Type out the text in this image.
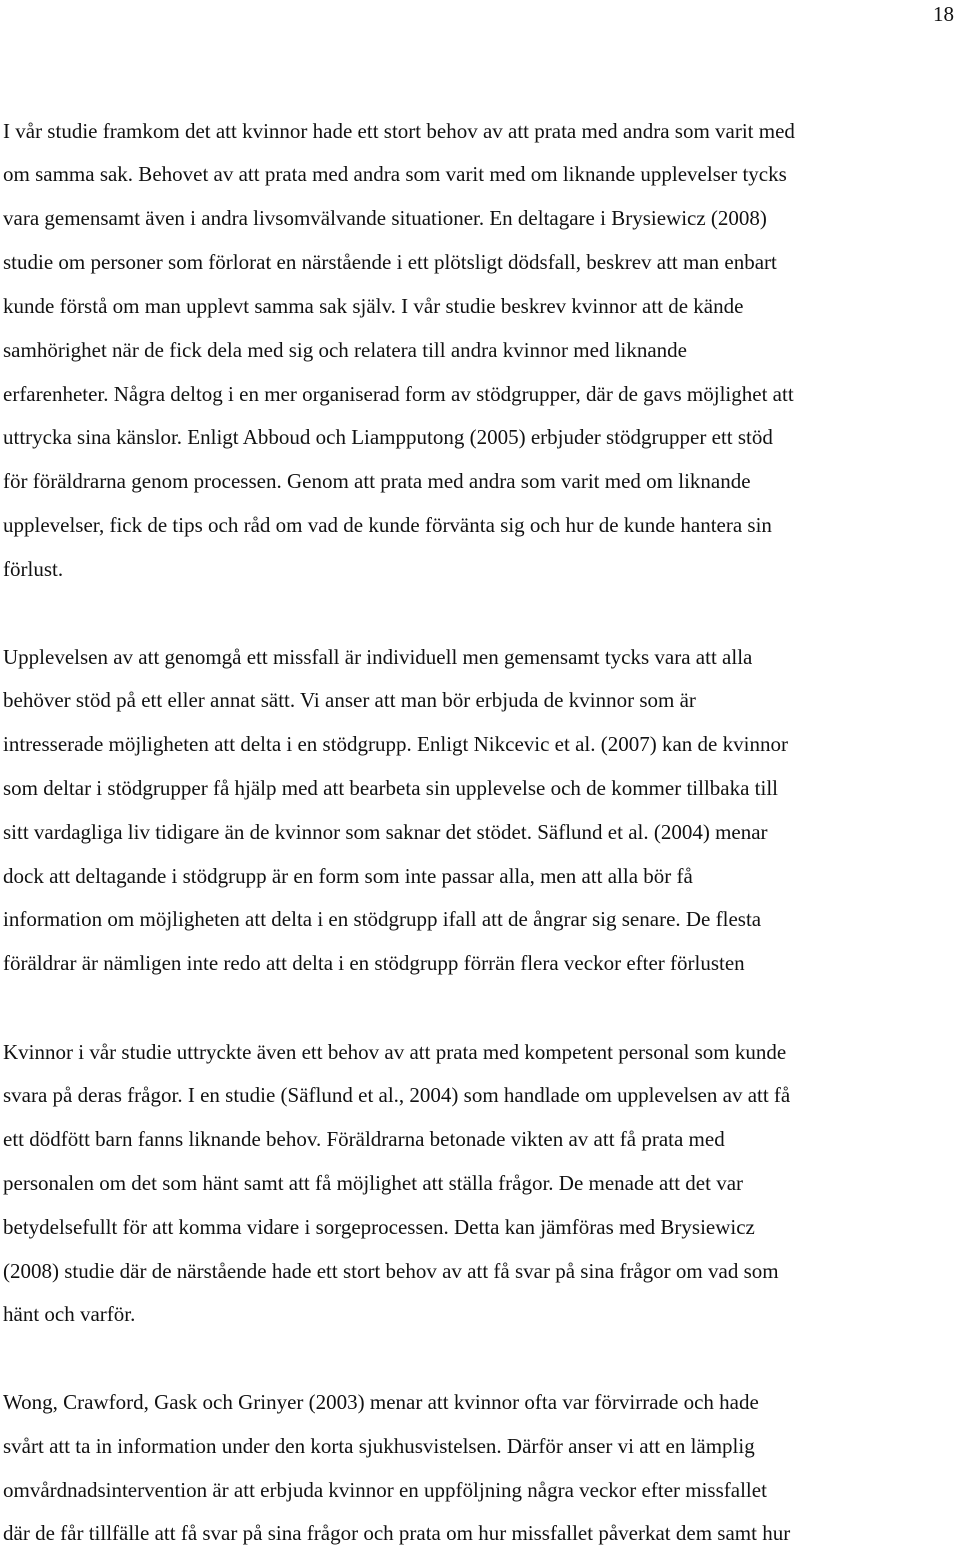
18
I vår studie framkom det att kvinnor hade ett stort behov av att prata med andra som varit med
om samma sak. Behovet av att prata med andra som varit med om liknande upplevelser tycks
vara gemensamt även i andra livsomvälvande situationer. En deltagare i Brysiewicz (2008)
studie om personer som förlorat en närstående i ett plötsligt dödsfall, beskrev att man enbart
kunde förstå om man upplevt samma sak själv. I vår studie beskrev kvinnor att de kände
samhörighet när de fick dela med sig och relatera till andra kvinnor med liknande
erfarenheter. Några deltog i en mer organiserad form av stödgrupper, där de gavs möjlighet att
uttrycka sina känslor. Enligt Abboud och Liampputong (2005) erbjuder stödgrupper ett stöd
för föräldrarna genom processen. Genom att prata med andra som varit med om liknande
upplevelser, fick de tips och råd om vad de kunde förvänta sig och hur de kunde hantera sin
förlust.
Upplevelsen av att genomgå ett missfall är individuell men gemensamt tycks vara att alla
behöver stöd på ett eller annat sätt. Vi anser att man bör erbjuda de kvinnor som är
intresserade möjligheten att delta i en stödgrupp. Enligt Nikcevic et al. (2007) kan de kvinnor
som deltar i stödgrupper få hjälp med att bearbeta sin upplevelse och de kommer tillbaka till
sitt vardagliga liv tidigare än de kvinnor som saknar det stödet. Säflund et al. (2004) menar
dock att deltagande i stödgrupp är en form som inte passar alla, men att alla bör få
information om möjligheten att delta i en stödgrupp ifall att de ångrar sig senare. De flesta
föräldrar är nämligen inte redo att delta i en stödgrupp förrän flera veckor efter förlusten
Kvinnor i vår studie uttryckte även ett behov av att prata med kompetent personal som kunde
svara på deras frågor. I en studie (Säflund et al., 2004) som handlade om upplevelsen av att få
ett dödfött barn fanns liknande behov. Föräldrarna betonade vikten av att få prata med
personalen om det som hänt samt att få möjlighet att ställa frågor. De menade att det var
betydelsefullt för att komma vidare i sorgeprocessen. Detta kan jämföras med Brysiewicz
(2008) studie där de närstående hade ett stort behov av att få svar på sina frågor om vad som
hänt och varför.
Wong, Crawford, Gask och Grinyer (2003) menar att kvinnor ofta var förvirrade och hade
svårt att ta in information under den korta sjukhusvistelsen. Därför anser vi att en lämplig
omvårdnadsintervention är att erbjuda kvinnor en uppföljning några veckor efter missfallet
där de får tillfälle att få svar på sina frågor och prata om hur missfallet påverkat dem samt hur
